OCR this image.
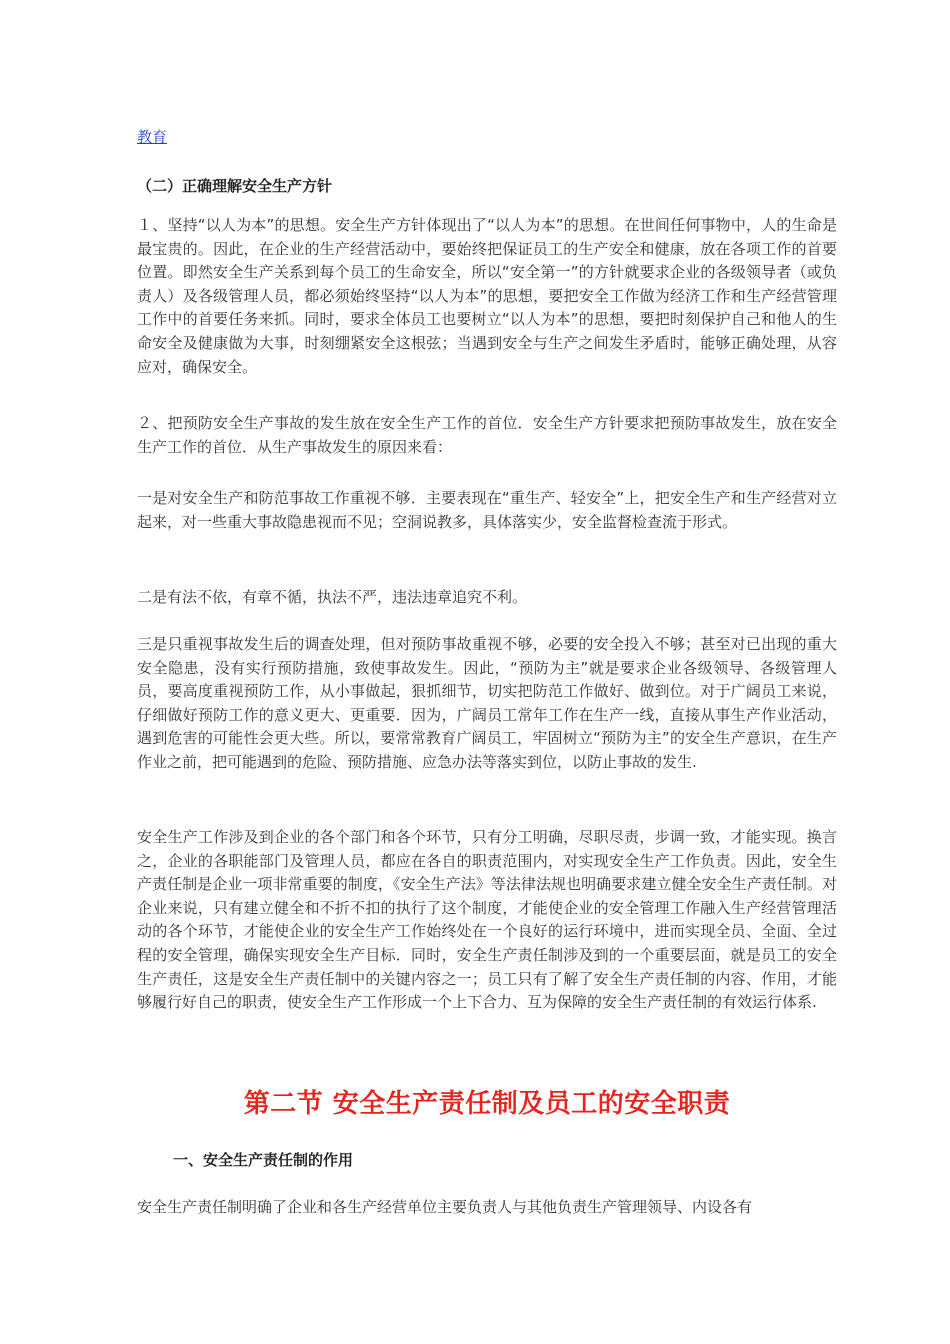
教育
（二）正确理解安全生产方针

１、坚持“以人为本”的思想。安全生产方针体现出了“以人为本”的思想。在世间任何事物中，人的生命是最宝贵的。因此，在企业的生产经营活动中，要始终把保证员工的生产安全和健康，放在各项工作的首要位置。即然安全生产关系到每个员工的生命安全，所以“安全第一”的方针就要求企业的各级领导者（或负责人）及各级管理人员，都必须始终坚持“以人为本”的思想，要把安全工作做为经济工作和生产经营管理工作中的首要任务来抓。同时，要求全体员工也要树立“以人为本”的思想，要把时刻保护自己和他人的生命安全及健康做为大事，时刻绷紧安全这根弦；当遇到安全与生产之间发生矛盾时，能够正确处理，从容应对，确保安全。

２、把预防安全生产事故的发生放在安全生产工作的首位．安全生产方针要求把预防事故发生，放在安全生产工作的首位．从生产事故发生的原因来看：

一是对安全生产和防范事故工作重视不够．主要表现在“重生产、轻安全”上，把安全生产和生产经营对立起来，对一些重大事故隐患视而不见；空洞说教多，具体落实少，安全监督检查流于形式。

二是有法不依，有章不循，执法不严，违法违章追究不利。

三是只重视事故发生后的调查处理，但对预防事故重视不够，必要的安全投入不够；甚至对已出现的重大安全隐患，没有实行预防措施，致使事故发生。因此，“预防为主”就是要求企业各级领导、各级管理人员，要高度重视预防工作，从小事做起，狠抓细节，切实把防范工作做好、做到位。对于广阔员工来说，仔细做好预防工作的意义更大、更重要．因为，广阔员工常年工作在生产一线，直接从事生产作业活动，遇到危害的可能性会更大些。所以，要常常教育广阔员工，牢固树立“预防为主”的安全生产意识，在生产作业之前，把可能遇到的危险、预防措施、应急办法等落实到位，以防止事故的发生.

安全生产工作涉及到企业的各个部门和各个环节，只有分工明确，尽职尽责，步调一致，才能实现。换言之，企业的各职能部门及管理人员，都应在各自的职责范围内，对实现安全生产工作负责。因此，安全生产责任制是企业一项非常重要的制度，《安全生产法》等法律法规也明确要求建立健全安全生产责任制。对企业来说，只有建立健全和不折不扣的执行了这个制度，才能使企业的安全管理工作融入生产经营管理活动的各个环节，才能使企业的安全生产工作始终处在一个良好的运行环境中，进而实现全员、全面、全过程的安全管理，确保实现安全生产目标．同时，安全生产责任制涉及到的一个重要层面，就是员工的安全生产责任，这是安全生产责任制中的关键内容之一；员工只有了解了安全生产责任制的内容、作用，才能够履行好自己的职责，使安全生产工作形成一个上下合力、互为保障的安全生产责任制的有效运行体系.

第二节 安全生产责任制及员工的安全职责
一、安全生产责任制的作用

安全生产责任制明确了企业和各生产经营单位主要负责人与其他负责生产管理领导、内设各有
